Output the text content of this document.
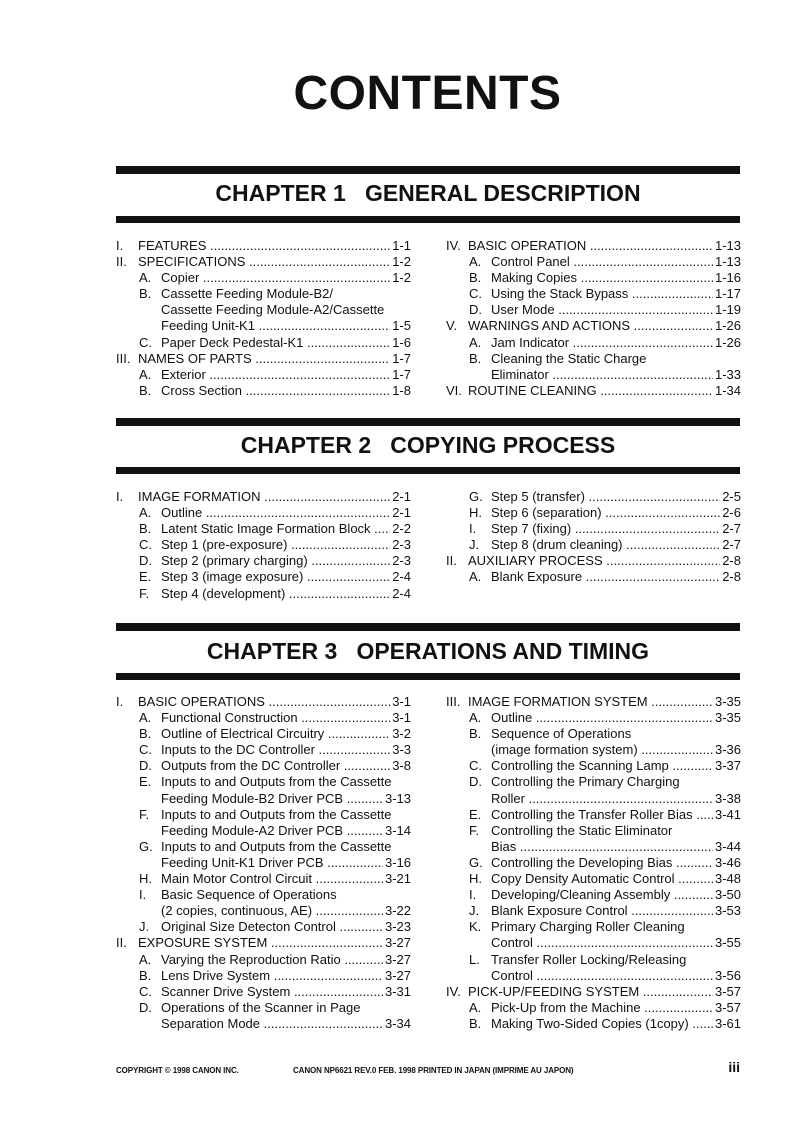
CONTENTS
CHAPTER 1   GENERAL DESCRIPTION
I. FEATURES .....	1-1
II. SPECIFICATIONS .....	1-2
A. Copier .....	1-2
B. Cassette Feeding Module-B2/
Cassette Feeding Module-A2/Cassette
Feeding Unit-K1 .....	1-5
C. Paper Deck Pedestal-K1 .....	1-6
III. NAMES OF PARTS .....	1-7
A. Exterior .....	1-7
B. Cross Section .....	1-8
IV. BASIC OPERATION .....	1-13
A. Control Panel .....	1-13
B. Making Copies .....	1-16
C. Using the Stack Bypass .....	1-17
D. User Mode .....	1-19
V. WARNINGS AND ACTIONS .....	1-26
A. Jam Indicator .....	1-26
B. Cleaning the Static Charge
Eliminator .....	1-33
VI. ROUTINE CLEANING .....	1-34
CHAPTER 2   COPYING PROCESS
I. IMAGE FORMATION .....	2-1
A. Outline .....	2-1
B. Latent Static Image Formation Block .....	2-2
C. Step 1 (pre-exposure) .....	2-3
D. Step 2 (primary charging) .....	2-3
E. Step 3 (image exposure) .....	2-4
F. Step 4 (development) .....	2-4
G. Step 5 (transfer) .....	2-5
H. Step 6 (separation) .....	2-6
I. Step 7 (fixing) .....	2-7
J. Step 8 (drum cleaning) .....	2-7
II. AUXILIARY PROCESS .....	2-8
A. Blank Exposure .....	2-8
CHAPTER 3   OPERATIONS AND TIMING
I. BASIC OPERATIONS .....	3-1
A. Functional Construction .....	3-1
B. Outline of Electrical Circuitry .....	3-2
C. Inputs to the DC Controller .....	3-3
D. Outputs from the DC Controller .....	3-8
E. Inputs to and Outputs from the Cassette
Feeding Module-B2 Driver PCB .....	3-13
F. Inputs to and Outputs from the Cassette
Feeding Module-A2 Driver PCB .....	3-14
G. Inputs to and Outputs from the Cassette
Feeding Unit-K1 Driver PCB .....	3-16
H. Main Motor Control Circuit .....	3-21
I. Basic Sequence of Operations
(2 copies, continuous, AE) .....	3-22
J. Original Size Detecton Control .....	3-23
II. EXPOSURE SYSTEM .....	3-27
A. Varying the Reproduction Ratio .....	3-27
B. Lens Drive System .....	3-27
C. Scanner Drive System .....	3-31
D. Operations of the Scanner in Page
Separation Mode .....	3-34
III. IMAGE FORMATION SYSTEM .....	3-35
A. Outline .....	3-35
B. Sequence of Operations
(image formation system) .....	3-36
C. Controlling the Scanning Lamp .....	3-37
D. Controlling the Primary Charging
Roller .....	3-38
E. Controlling the Transfer Roller Bias .....	3-41
F. Controlling the Static Eliminator
Bias .....	3-44
G. Controlling the Developing Bias .....	3-46
H. Copy Density Automatic Control .....	3-48
I. Developing/Cleaning Assembly .....	3-50
J. Blank Exposure Control .....	3-53
K. Primary Charging Roller Cleaning
Control .....	3-55
L. Transfer Roller Locking/Releasing
Control .....	3-56
IV. PICK-UP/FEEDING SYSTEM .....	3-57
A. Pick-Up from the Machine .....	3-57
B. Making Two-Sided Copies (1copy) .....	3-61
COPYRIGHT © 1998 CANON INC.	CANON NP6621 REV.0 FEB. 1998 PRINTED IN JAPAN (IMPRIME AU JAPON)	iii
